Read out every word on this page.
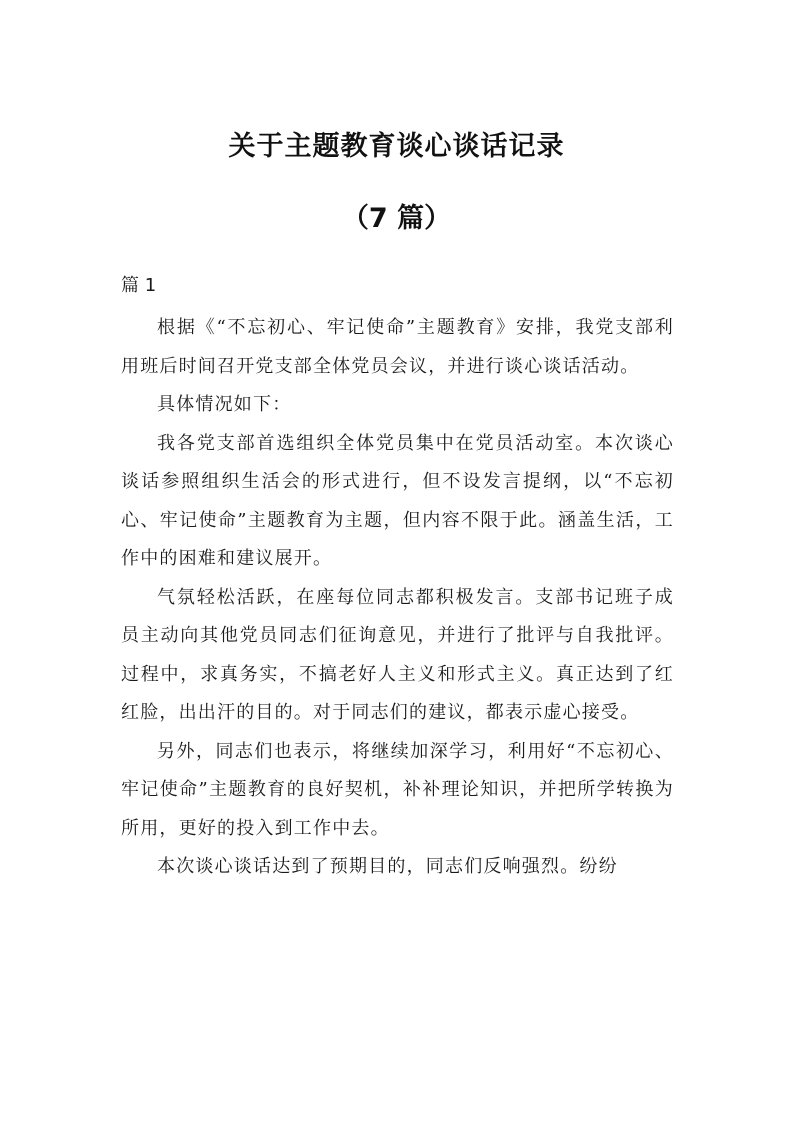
关于主题教育谈心谈话记录
（7 篇）
篇 1

根据《“不忘初心、牢记使命”主题教育》安排，我党支部利用班后时间召开党支部全体党员会议，并进行谈心谈话活动。

具体情况如下：

我各党支部首选组织全体党员集中在党员活动室。本次谈心谈话参照组织生活会的形式进行，但不设发言提纲，以“不忘初心、牢记使命”主题教育为主题，但内容不限于此。涵盖生活，工作中的困难和建议展开。

气氛轻松活跃，在座每位同志都积极发言。支部书记班子成员主动向其他党员同志们征询意见，并进行了批评与自我批评。过程中，求真务实，不搞老好人主义和形式主义。真正达到了红红脸，出出汗的目的。对于同志们的建议，都表示虚心接受。

另外，同志们也表示，将继续加深学习，利用好“不忘初心、牢记使命”主题教育的良好契机，补补理论知识，并把所学转换为所用，更好的投入到工作中去。

本次谈心谈话达到了预期目的，同志们反响强烈。纷纷
